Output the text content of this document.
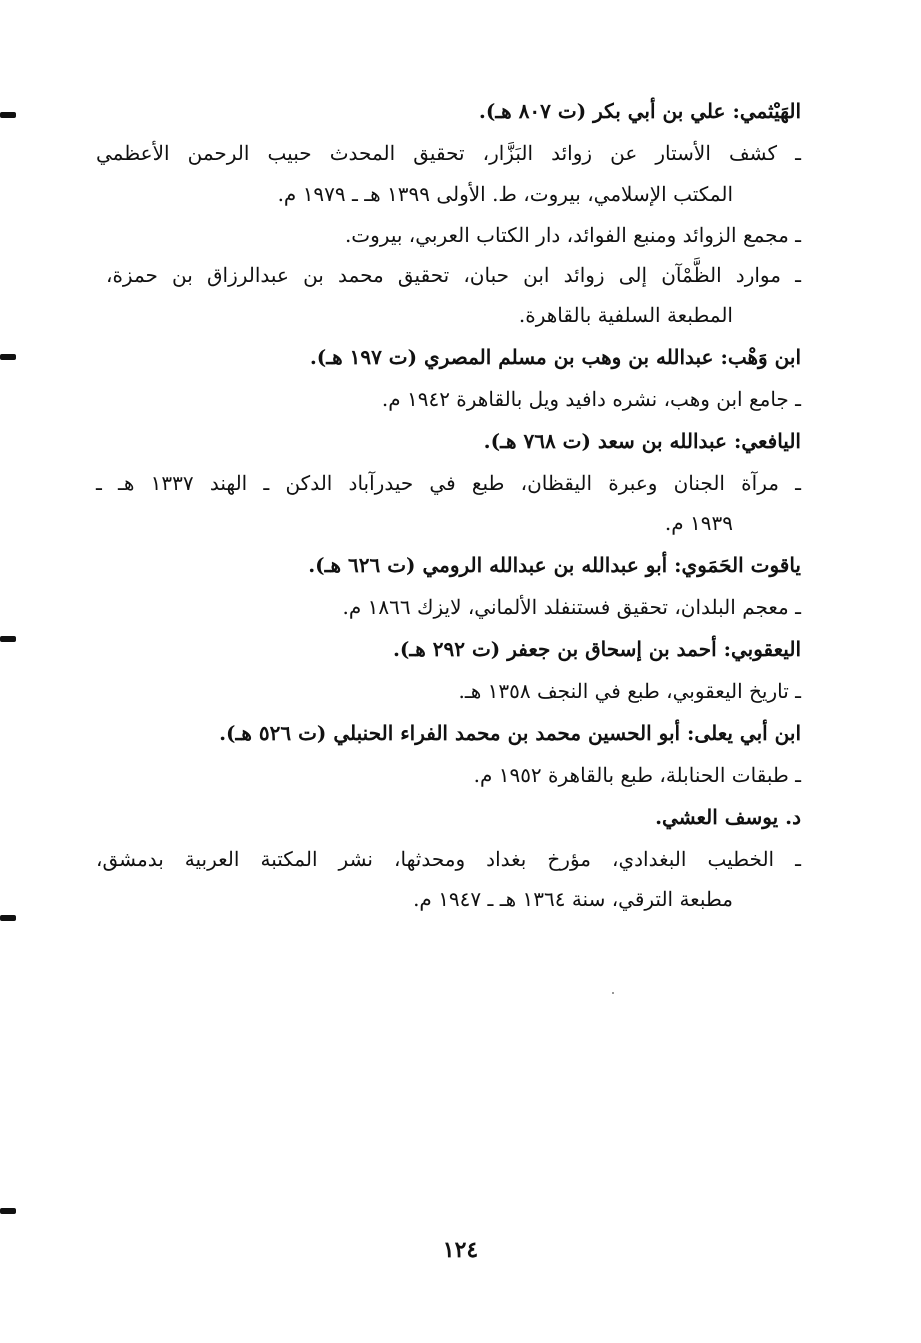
الهَيْثمي: علي بن أبي بكر (ت ٨٠٧ هـ).
ـ كشف الأستار عن زوائد البَزَّار، تحقيق المحدث حبيب الرحمن الأعظمي
المكتب الإسلامي، بيروت، ط. الأولى ١٣٩٩ هـ ـ ١٩٧٩ م.
ـ مجمع الزوائد ومنبع الفوائد، دار الكتاب العربي، بيروت.
ـ موارد الظَّمْآن إلى زوائد ابن حبان، تحقيق محمد بن عبدالرزاق بن حمزة،
المطبعة السلفية بالقاهرة.
ابن وَهْب: عبدالله بن وهب بن مسلم المصري (ت ١٩٧ هـ).
ـ جامع ابن وهب، نشره دافيد ويل بالقاهرة ١٩٤٢ م.
اليافعي: عبدالله بن سعد (ت ٧٦٨ هـ).
ـ مرآة الجنان وعبرة اليقظان، طبع في حيدرآباد الدكن ـ الهند ١٣٣٧ هـ ـ
١٩٣٩ م.
ياقوت الحَمَوي: أبو عبدالله بن عبدالله الرومي (ت ٦٢٦ هـ).
ـ معجم البلدان، تحقيق فستنفلد الألماني، لايزك ١٨٦٦ م.
اليعقوبي: أحمد بن إسحاق بن جعفر (ت ٢٩٢ هـ).
ـ تاريخ اليعقوبي، طبع في النجف ١٣٥٨ هـ.
ابن أبي يعلى: أبو الحسين محمد بن محمد الفراء الحنبلي (ت ٥٢٦ هـ).
ـ طبقات الحنابلة، طبع بالقاهرة ١٩٥٢ م.
د. يوسف العشي.
ـ الخطيب البغدادي، مؤرخ بغداد ومحدثها، نشر المكتبة العربية بدمشق،
مطبعة الترقي، سنة ١٣٦٤ هـ ـ ١٩٤٧ م.
١٢٤
